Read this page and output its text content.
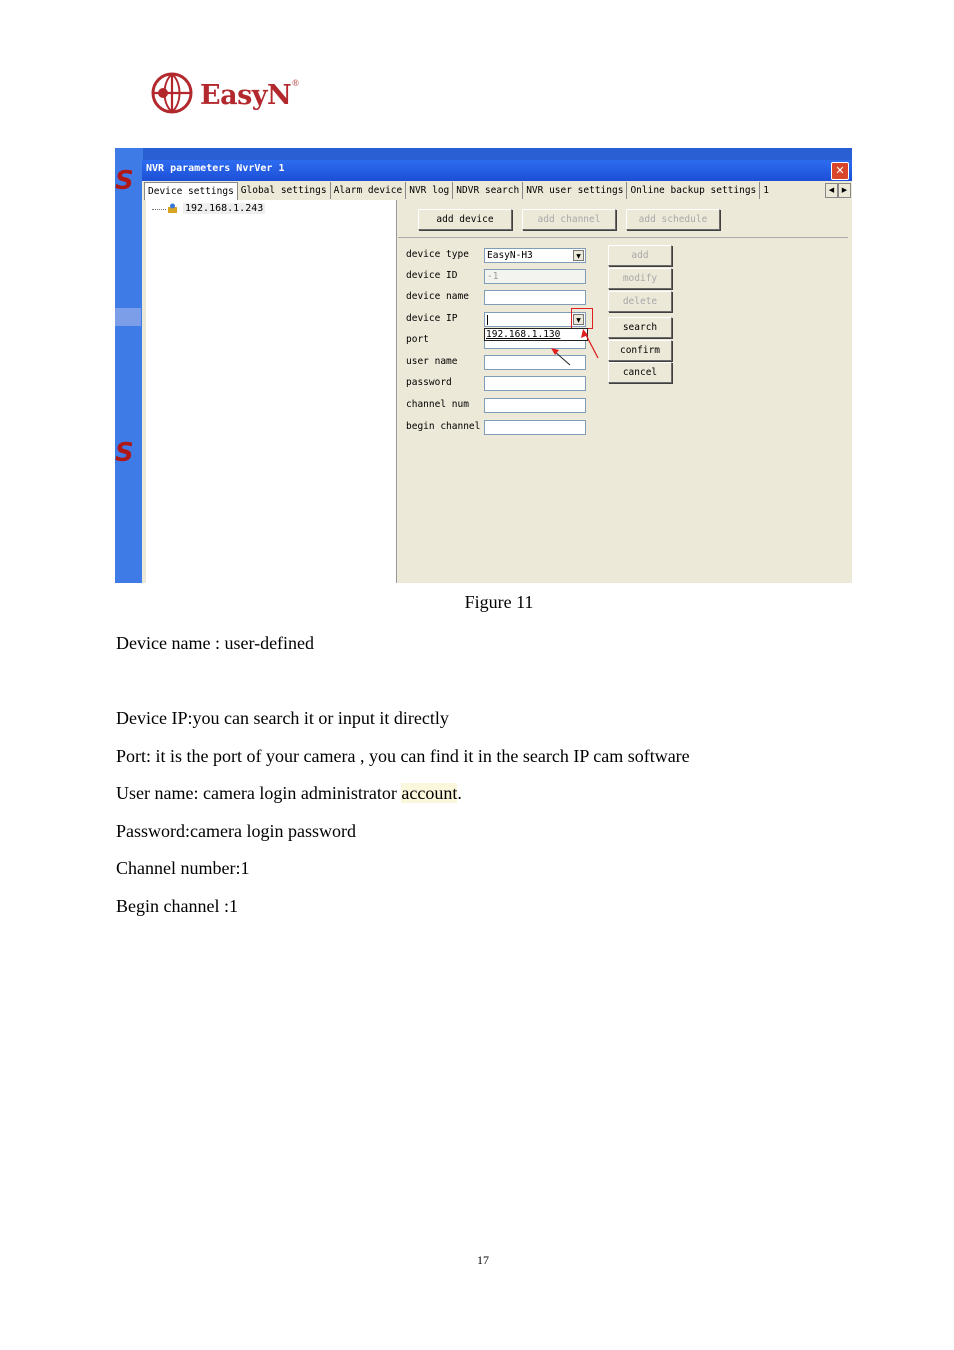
EasyN ®
S
S
NVR parameters NvrVer 1	✕
Device settings Global settings Alarm device NVR log NDVR search NVR user settings Online backup settings 1	◀	▶
192.168.1.243
add device	add channel	add schedule
device type	EasyN-H3	▼
device ID	-1
device name
device IP	▼
192.168.1.130
port
user name
password
channel num
begin channel
add
modify
delete
search
confirm
cancel
Figure 11
Device name : user-defined
Device IP:you can search it or input it directly
Port: it is the port of your camera , you can find it in the search IP cam software
User name: camera login administrator account.
Password:camera login password
Channel number:1
Begin channel :1
17
